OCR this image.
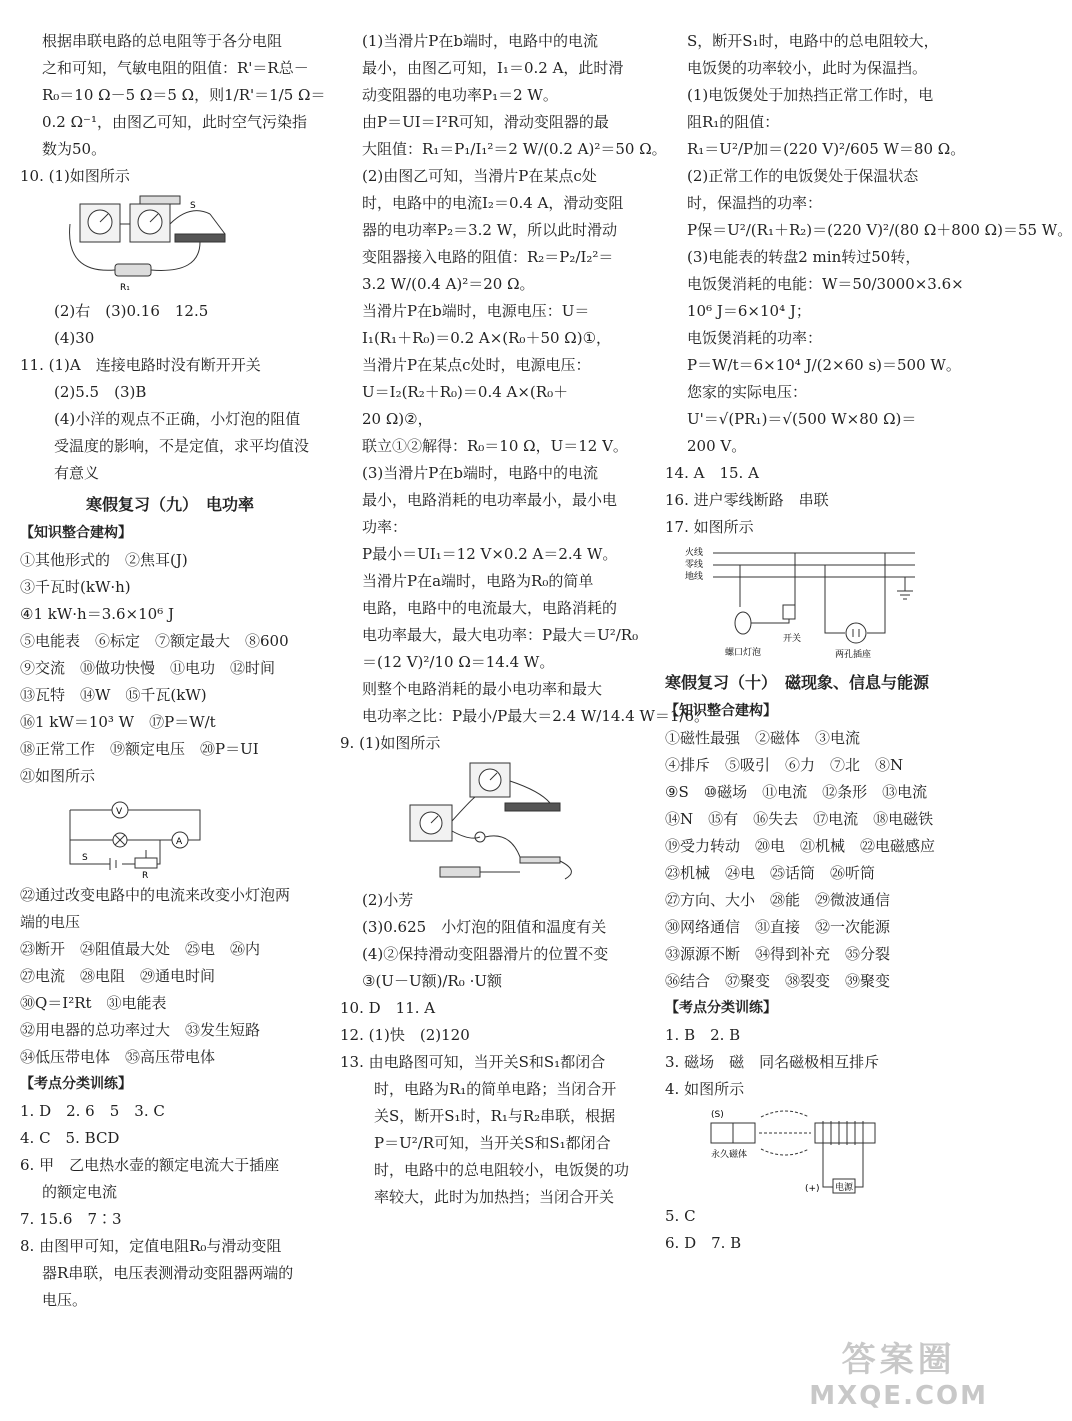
根据串联电路的总电阻等于各分电阻
之和可知，气敏电阻的阻值：R'＝R总－
R₀＝10 Ω－5 Ω＝5 Ω，则1/R'＝1/5 Ω＝
0.2 Ω⁻¹，由图乙可知，此时空气污染指
数为50。
10. (1)如图所示
S
R₁
(2)右　(3)0.16　12.5
(4)30
11. (1)A　连接电路时没有断开开关
(2)5.5　(3)B
(4)小洋的观点不正确，小灯泡的阻值
受温度的影响，不是定值，求平均值没
有意义
寒假复习（九）　电功率
【知识整合建构】
①其他形式的　②焦耳(J)
③千瓦时(kW·h)
④1 kW·h＝3.6×10⁶ J
⑤电能表　⑥标定　⑦额定最大　⑧600
⑨交流　⑩做功快慢　⑪电功　⑫时间
⑬瓦特　⑭W　⑮千瓦(kW)
⑯1 kW＝10³ W　⑰P＝W/t
⑱正常工作　⑲额定电压　⑳P＝UI
㉑如图所示
V
A
S
R
㉒通过改变电路中的电流来改变小灯泡两
端的电压
㉓断开　㉔阻值最大处　㉕电　㉖内
㉗电流　㉘电阻　㉙通电时间
㉚Q＝I²Rt　㉛电能表
㉜用电器的总功率过大　㉝发生短路
㉞低压带电体　㉟高压带电体
【考点分类训练】
1. D　2. 6　5　3. C
4. C　5. BCD
6. 甲　乙电热水壶的额定电流大于插座
的额定电流
7. 15.6　7∶3
8. 由图甲可知，定值电阻R₀与滑动变阻
器R串联，电压表测滑动变阻器两端的
电压。
(1)当滑片P在b端时，电路中的电流
最小，由图乙可知，I₁＝0.2 A，此时滑
动变阻器的电功率P₁＝2 W。
由P＝UI＝I²R可知，滑动变阻器的最
大阻值：R₁＝P₁/I₁²＝2 W/(0.2 A)²＝50 Ω。
(2)由图乙可知，当滑片P在某点c处
时，电路中的电流I₂＝0.4 A，滑动变阻
器的电功率P₂＝3.2 W，所以此时滑动
变阻器接入电路的阻值：R₂＝P₂/I₂²＝
3.2 W/(0.4 A)²＝20 Ω。
当滑片P在b端时，电源电压：U＝
I₁(R₁＋R₀)＝0.2 A×(R₀＋50 Ω)①，
当滑片P在某点c处时，电源电压：
U＝I₂(R₂＋R₀)＝0.4 A×(R₀＋
20 Ω)②，
联立①②解得：R₀＝10 Ω，U＝12 V。
(3)当滑片P在b端时，电路中的电流
最小，电路消耗的电功率最小，最小电
功率：
P最小＝UI₁＝12 V×0.2 A＝2.4 W。
当滑片P在a端时，电路为R₀的简单
电路，电路中的电流最大，电路消耗的
电功率最大，最大电功率：P最大＝U²/R₀
＝(12 V)²/10 Ω＝14.4 W。
则整个电路消耗的最小电功率和最大
电功率之比：P最小/P最大＝2.4 W/14.4 W＝1/6。
9. (1)如图所示
(2)小芳
(3)0.625　小灯泡的阻值和温度有关
(4)②保持滑动变阻器滑片的位置不变
③(U－U额)/R₀ ·U额
10. D　11. A
12. (1)快　(2)120
13. 由电路图可知，当开关S和S₁都闭合
时，电路为R₁的简单电路；当闭合开
关S，断开S₁时，R₁与R₂串联，根据
P＝U²/R可知，当开关S和S₁都闭合
时，电路中的总电阻较小，电饭煲的功
率较大，此时为加热挡；当闭合开关
S，断开S₁时，电路中的总电阻较大，
电饭煲的功率较小，此时为保温挡。
(1)电饭煲处于加热挡正常工作时，电
阻R₁的阻值：
R₁＝U²/P加＝(220 V)²/605 W＝80 Ω。
(2)正常工作的电饭煲处于保温状态
时，保温挡的功率：
P保＝U²/(R₁＋R₂)＝(220 V)²/(80 Ω＋800 Ω)＝55 W。
(3)电能表的转盘2 min转过50转，
电饭煲消耗的电能：W＝50/3000×3.6×
10⁶ J＝6×10⁴ J；
电饭煲消耗的功率：
P＝W/t＝6×10⁴ J/(2×60 s)＝500 W。
您家的实际电压：
U'＝√(PR₁)＝√(500 W×80 Ω)＝
200 V。
14. A　15. A
16. 进户零线断路　串联
17. 如图所示
火线
零线
地线
螺口灯泡
开关
两孔插座
寒假复习（十）　磁现象、信息与能源
【知识整合建构】
①磁性最强　②磁体　③电流
④排斥　⑤吸引　⑥力　⑦北　⑧N
⑨S　⑩磁场　⑪电流　⑫条形　⑬电流
⑭N　⑮有　⑯失去　⑰电流　⑱电磁铁
⑲受力转动　⑳电　㉑机械　㉒电磁感应
㉓机械　㉔电　㉕话筒　㉖听筒
㉗方向、大小　㉘能　㉙微波通信
㉚网络通信　㉛直接　㉜一次能源
㉝源源不断　㉞得到补充　㉟分裂
㊱结合　㊲聚变　㊳裂变　㊴聚变
【考点分类训练】
1. B　2. B
3. 磁场　磁　同名磁极相互排斥
4. 如图所示
(S)
永久磁体
(+) 电源
5. C
6. D　7. B
答案圈
MXQE.COM
